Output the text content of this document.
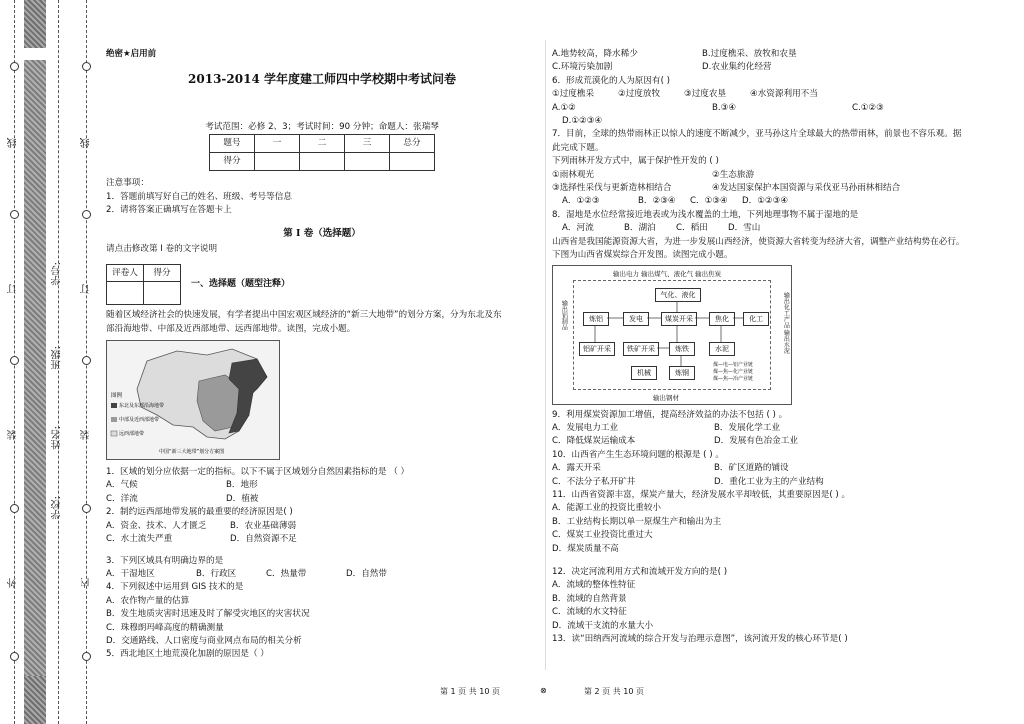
线
订
装
外
线
订
装
内
学号:
班级:
姓名:
学校:
绝密★启用前
2013-2014 学年度建工师四中学校期中考试问卷
考试范围：必修 2、3；考试时间：90 分钟；命题人：张瑞琴
题号	一	二	三	总分
得分				
注意事项：
1．答题前填写好自己的姓名、班级、考号等信息
2．请将答案正确填写在答题卡上
第 I 卷（选择题）
请点击修改第 I 卷的文字说明
评卷人	得分

一、选择题（题型注释）
随着区域经济社会的快速发展，有学者提出中国宏观区域经济的“新三大地带”的划分方案，分为东北及东
部沿海地带、中部及近西部地带、远西部地带。读图，完成小题。
图例
东北及东部沿海地带
中部及近西部地带
远西部地带
中国“新三大地带”划分方案图
1．区域的划分应依据一定的指标。以下不属于区域划分自然因素指标的是 （ ）
A．气候	B．地形
C．洋流	D．植被
2．制约远西部地带发展的最重要的经济原因是( )
A．资金、技术、人才匮乏	B．农业基础薄弱
C．水土流失严重	D．自然资源不足
3．下列区域具有明确边界的是
A．干湿地区	B．行政区	C．热量带	D．自然带
4．下列叙述中运用到 GIS 技术的是
A．农作物产量的估算
B．发生地质灾害时迅速及时了解受灾地区的灾害状况
C．珠穆朗玛峰高度的精确测量
D．交通路线、人口密度与商业网点布局的相关分析
5．西北地区土地荒漠化加剧的原因是（ ）
A.地势较高，降水稀少	B.过度樵采、放牧和农垦
C.环境污染加剧	D.农业集约化经营
6．形成荒漠化的人为原因有( )
①过度樵采	②过度放牧	③过度农垦	④水资源利用不当
A.①②	B.③④	C.①②③
D.①②③④
7．目前，全球的热带雨林正以惊人的速度不断减少，亚马孙这片全球最大的热带雨林，前景也不容乐观。据
此完成下题。
下列雨林开发方式中，属于保护性开发的 ( )
①雨林观光	②生态旅游
③选择性采伐与更新造林相结合	④发达国家保护本国资源与采伐亚马孙雨林相结合
A．①②③	B．②③④	C．①③④	D．①②③④
8．湿地是水位经常接近地表或为浅水覆盖的土地，下列地理事物不属于湿地的是
A．河流	B．湖泊	C．稻田	D．雪山
山西省是我国能源资源大省，为进一步发展山西经济，使资源大省转变为经济大省，调整产业结构势在必行。
下图为山西省煤炭综合开发图。读图完成小题。
输出电力 输出煤气、液化气 输出焦炭
输出铝制品	输出化工产品 输出水泥
输出钢材
气化、液化
炼铝	发电	煤炭开采	焦化	化工
铝矿开采	铁矿开采	炼铁	水泥
机械	炼钢
煤—电—铝产业链
煤—焦—化产业链
煤—焦—冶产业链
9．利用煤炭资源加工增值，提高经济效益的办法不包括 ( ) 。
A．发展电力工业	B．发展化学工业
C．降低煤炭运输成本	D．发展有色冶金工业
10．山西省产生生态环境问题的根源是 ( ) 。
A．露天开采	B．矿区道路的铺设
C．不法分子私开矿井	D．重化工业为主的产业结构
11．山西省资源丰富，煤炭产量大，经济发展水平却较低，其重要原因是( ) 。
A．能源工业的投资比重较小
B．工业结构长期以单一原煤生产和输出为主
C．煤炭工业投资比重过大
D．煤炭质量不高
12．决定河流利用方式和流域开发方向的是( )
A．流域的整体性特征
B．流域的自然背景
C．流域的水文特征
D．流域干支流的水量大小
13．读“田纳西河流域的综合开发与治理示意图”，该河流开发的核心环节是( )
第 1 页 共 10 页	⊗	第 2 页 共 10 页
